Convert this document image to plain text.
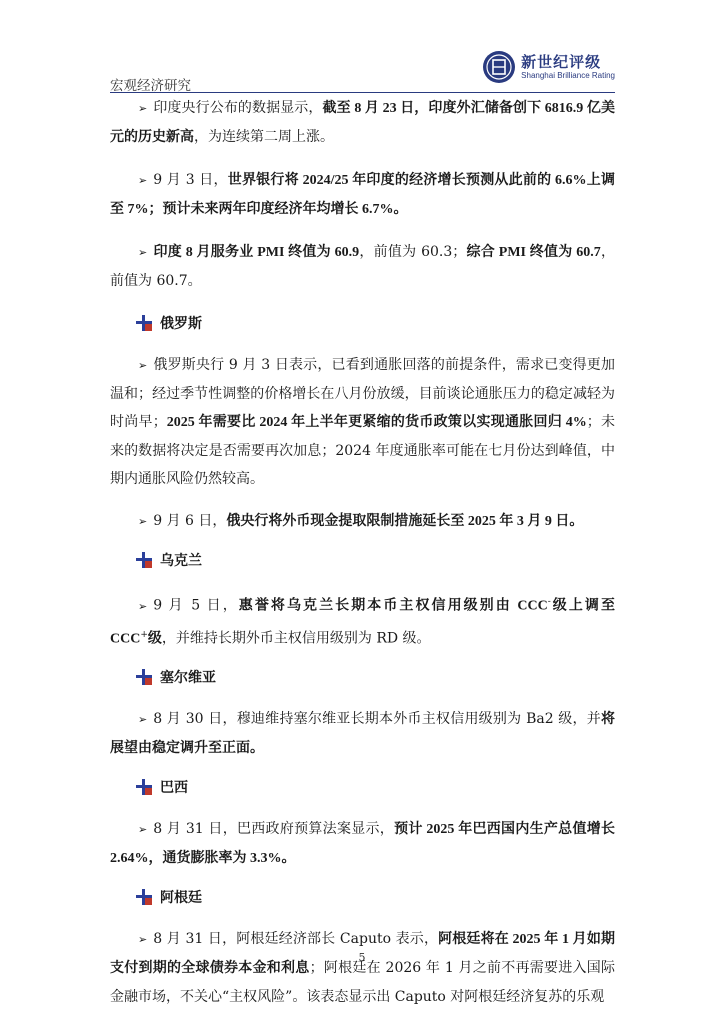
宏观经济研究
新世纪评级
Shanghai Brilliance Rating

➢ 印度央行公布的数据显示，截至 8 月 23 日，印度外汇储备创下 6816.9 亿美元的历史新高，为连续第二周上涨。

➢ 9 月 3 日，世界银行将 2024/25 年印度的经济增长预测从此前的 6.6%上调至 7%；预计未来两年印度经济年均增长 6.7%。

➢ 印度 8 月服务业 PMI 终值为 60.9，前值为 60.3；综合 PMI 终值为 60.7，前值为 60.7。

俄罗斯

➢ 俄罗斯央行 9 月 3 日表示，已看到通胀回落的前提条件，需求已变得更加温和；经过季节性调整的价格增长在八月份放缓，目前谈论通胀压力的稳定减轻为时尚早；2025 年需要比 2024 年上半年更紧缩的货币政策以实现通胀回归 4%；未来的数据将决定是否需要再次加息；2024 年度通胀率可能在七月份达到峰值，中期内通胀风险仍然较高。

➢ 9 月 6 日，俄央行将外币现金提取限制措施延长至 2025 年 3 月 9 日。

乌克兰

➢ 9 月 5 日，惠誉将乌克兰长期本币主权信用级别由 CCC-级上调至 CCC+级，并维持长期外币主权信用级别为 RD 级。

塞尔维亚

➢ 8 月 30 日，穆迪维持塞尔维亚长期本外币主权信用级别为 Ba2 级，并将展望由稳定调升至正面。

巴西

➢ 8 月 31 日，巴西政府预算法案显示，预计 2025 年巴西国内生产总值增长 2.64%，通货膨胀率为 3.3%。

阿根廷

➢ 8 月 31 日，阿根廷经济部长 Caputo 表示，阿根廷将在 2025 年 1 月如期支付到期的全球债券本金和利息；阿根廷在 2026 年 1 月之前不再需要进入国际金融市场，不关心“主权风险”。该表态显示出 Caputo 对阿根廷经济复苏的乐观

5
